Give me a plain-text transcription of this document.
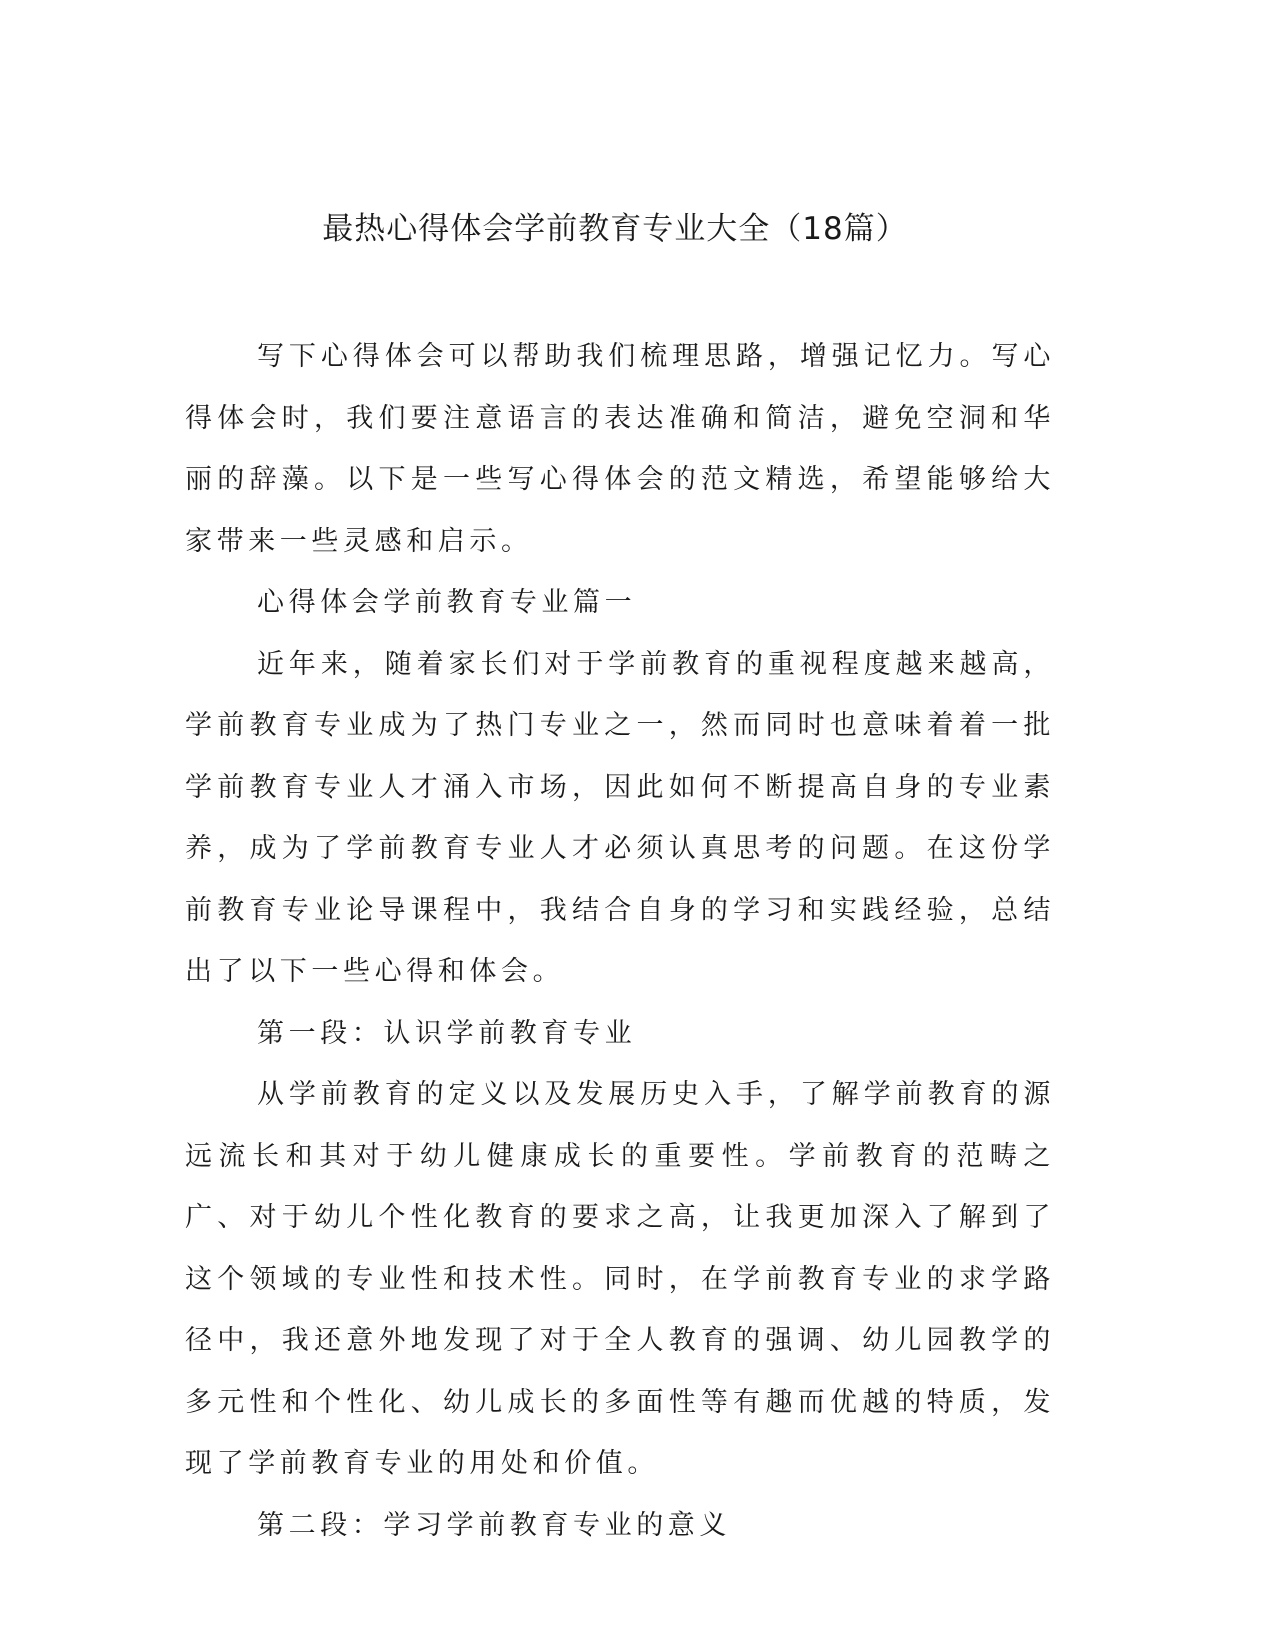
最热心得体会学前教育专业大全（18篇）

写下心得体会可以帮助我们梳理思路，增强记忆力。写心得体会时，我们要注意语言的表达准确和简洁，避免空洞和华丽的辞藻。以下是一些写心得体会的范文精选，希望能够给大家带来一些灵感和启示。

心得体会学前教育专业篇一

近年来，随着家长们对于学前教育的重视程度越来越高，学前教育专业成为了热门专业之一，然而同时也意味着着一批学前教育专业人才涌入市场，因此如何不断提高自身的专业素养，成为了学前教育专业人才必须认真思考的问题。在这份学前教育专业论导课程中，我结合自身的学习和实践经验，总结出了以下一些心得和体会。

第一段：认识学前教育专业

从学前教育的定义以及发展历史入手，了解学前教育的源远流长和其对于幼儿健康成长的重要性。学前教育的范畴之广、对于幼儿个性化教育的要求之高，让我更加深入了解到了这个领域的专业性和技术性。同时，在学前教育专业的求学路径中，我还意外地发现了对于全人教育的强调、幼儿园教学的多元性和个性化、幼儿成长的多面性等有趣而优越的特质，发现了学前教育专业的用处和价值。

第二段：学习学前教育专业的意义
